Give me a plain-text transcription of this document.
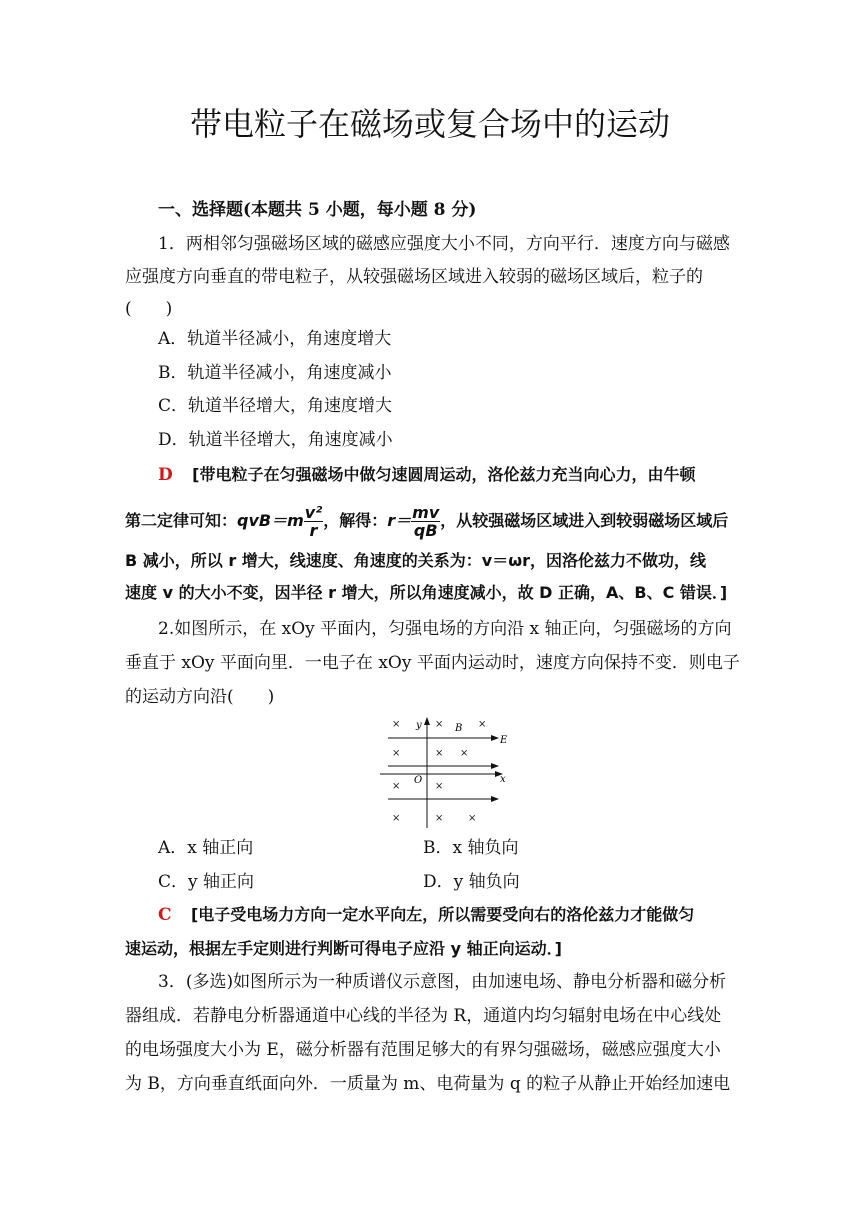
带电粒子在磁场或复合场中的运动
一、选择题(本题共 5 小题，每小题 8 分)
1．两相邻匀强磁场区域的磁感应强度大小不同，方向平行．速度方向与磁感
应强度方向垂直的带电粒子，从较强磁场区域进入较弱的磁场区域后，粒子的
(　　)
A．轨道半径减小，角速度增大
B．轨道半径减小，角速度减小
C．轨道半径增大，角速度增大
D．轨道半径增大，角速度减小
D [带电粒子在匀强磁场中做匀速圆周运动，洛伦兹力充当向心力，由牛顿
第二定律可知：$qvB=m \frac{\text{v²}}{r}$ ，解得：$r= \frac{mv}{qB}$ ，从较强磁场区域进入到较弱磁场区域后
B 减小，所以 r 增大，线速度、角速度的关系为：v＝ωr，因洛伦兹力不做功，线
速度 v 的大小不变，因半径 r 增大，所以角速度减小，故 D 正确，A、B、C 错误．]
2.如图所示，在 xOy 平面内，匀强电场的方向沿 x 轴正向，匀强磁场的方向
垂直于 xOy 平面向里．一电子在 xOy 平面内运动时，速度方向保持不变．则电子
的运动方向沿(　　)
y	B
E
O	x
×	×	×
×	× ×
×	×
×	× ×
A．x 轴正向	B．x 轴负向
C．y 轴正向	D．y 轴负向
C [电子受电场力方向一定水平向左，所以需要受向右的洛伦兹力才能做匀
速运动，根据左手定则进行判断可得电子应沿 y 轴正向运动．]
3．(多选)如图所示为一种质谱仪示意图，由加速电场、静电分析器和磁分析
器组成．若静电分析器通道中心线的半径为 R，通道内均匀辐射电场在中心线处
的电场强度大小为 E，磁分析器有范围足够大的有界匀强磁场，磁感应强度大小
为 B，方向垂直纸面向外．一质量为 m、电荷量为 q 的粒子从静止开始经加速电
